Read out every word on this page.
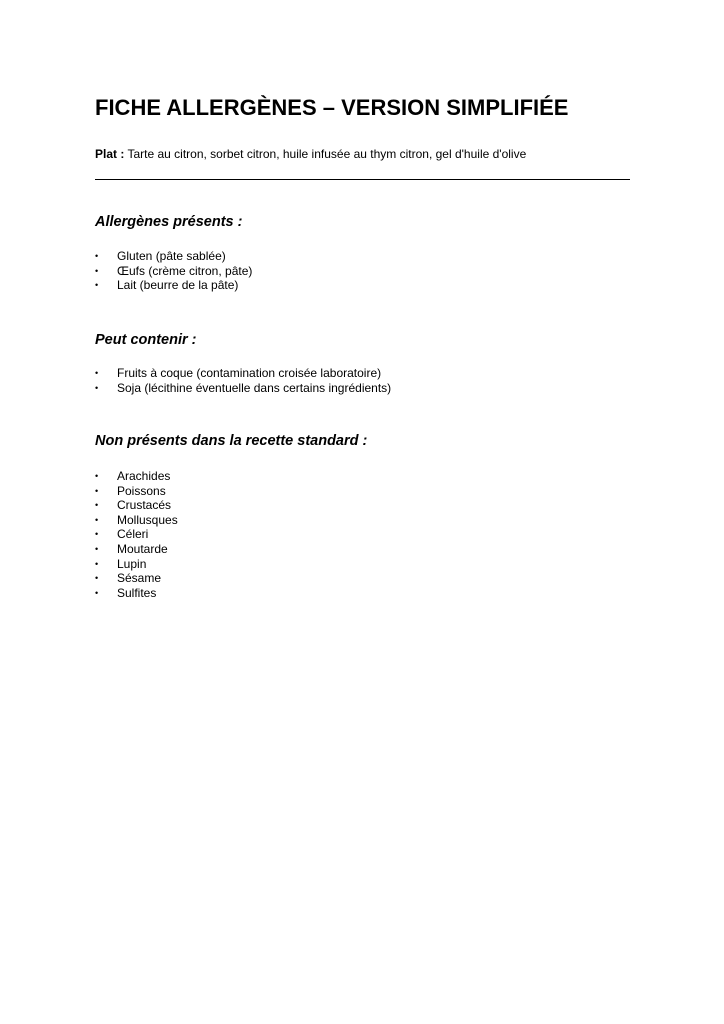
FICHE ALLERGÈNES – VERSION SIMPLIFIÉE

Plat : Tarte au citron, sorbet citron, huile infusée au thym citron, gel d'huile d'olive

Allergènes présents :
•	Gluten (pâte sablée)
•	Œufs (crème citron, pâte)
•	Lait (beurre de la pâte)
Peut contenir :
•	Fruits à coque (contamination croisée laboratoire)
•	Soja (lécithine éventuelle dans certains ingrédients)
Non présents dans la recette standard :
•	Arachides
•	Poissons
•	Crustacés
•	Mollusques
•	Céleri
•	Moutarde
•	Lupin
•	Sésame
•	Sulfites
